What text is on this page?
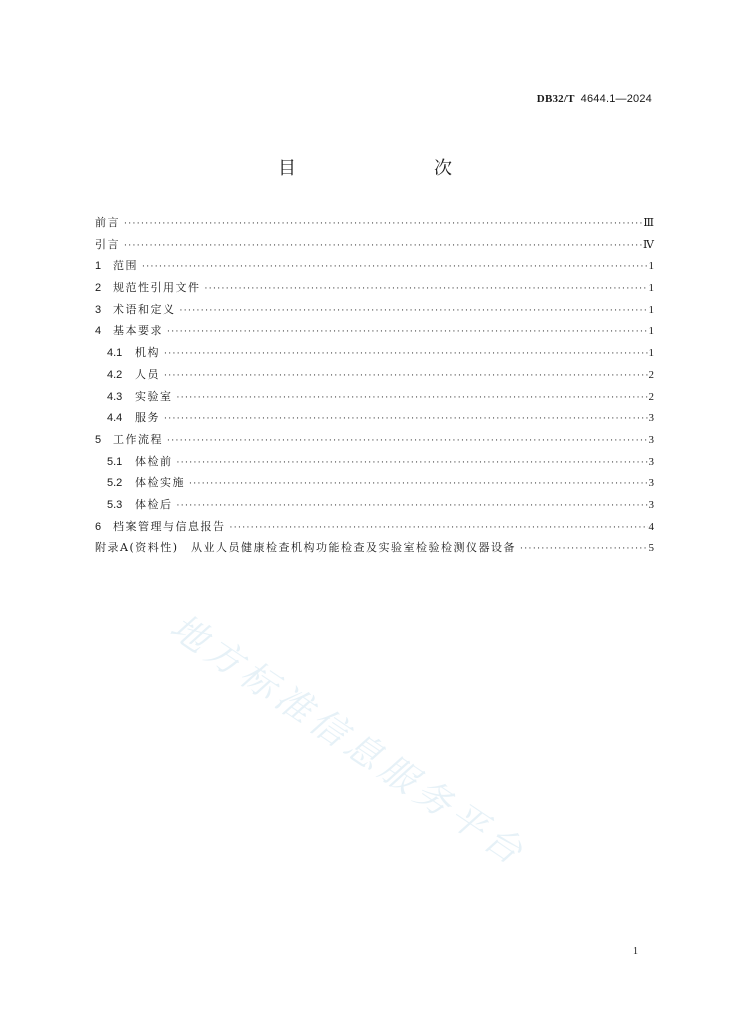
DB32/T 4644.1—2024
目　　次
前言 ·····	Ⅲ
引言 ·····	Ⅳ
1	范围 ·····	1
2	规范性引用文件 ·····	1
3	术语和定义 ·····	1
4	基本要求 ·····	1
4.1	机构 ·····	1
4.2	人员 ·····	2
4.3	实验室 ·····	2
4.4	服务 ·····	3
5	工作流程 ·····	3
5.1	体检前 ·····	3
5.2	体检实施 ·····	3
5.3	体检后 ·····	3
6	档案管理与信息报告 ·····	4
附录A(资料性)　从业人员健康检查机构功能检查及实验室检验检测仪器设备 ·····	5
地方标准信息服务平台
1
